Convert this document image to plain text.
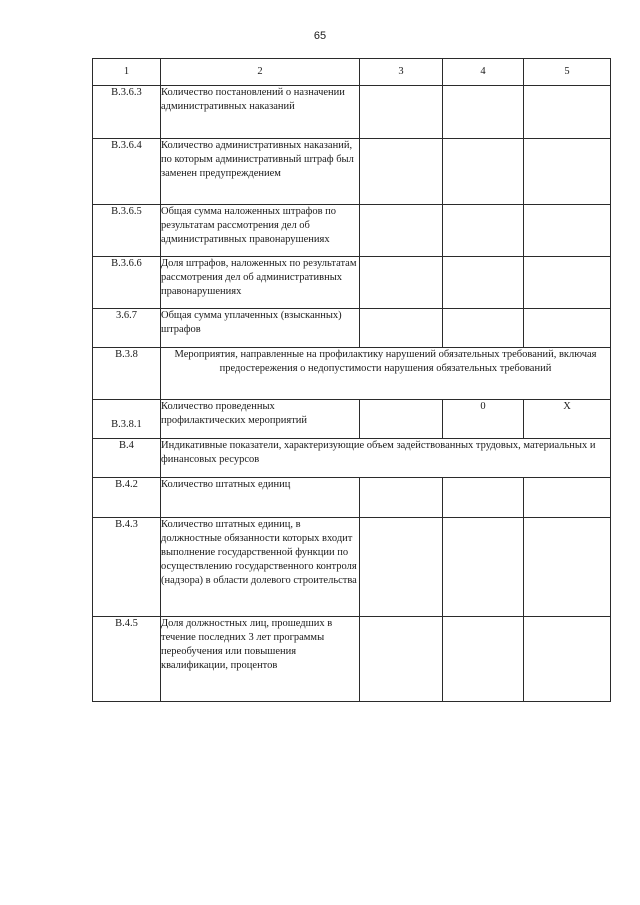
65
1	2	3	4	5
В.3.6.3	Количество постановлений о назначении административных наказаний			
В.3.6.4	Количество административных наказаний, по которым административный штраф был заменен предупреждением			
В.3.6.5	Общая сумма наложенных штрафов по результатам рассмотрения дел об административных правонарушениях			
В.3.6.6	Доля штрафов, наложенных по результатам рассмотрения дел об административных правонарушениях			
3.6.7	Общая сумма уплаченных (взысканных) штрафов			
В.3.8	Мероприятия, направленные на профилактику нарушений обязательных требований, включая предостережения о недопустимости нарушения обязательных требований			
В.3.8.1	Количество проведенных профилактических мероприятий		0	X
В.4	Индикативные показатели, характеризующие объем задействованных трудовых, материальных и финансовых ресурсов			
В.4.2	Количество штатных единиц			
В.4.3	Количество штатных единиц, в должностные обязанности которых входит выполнение государственной функции по осуществлению государственного контроля (надзора) в области долевого строительства			
В.4.5	Доля должностных лиц, прошедших в течение последних 3 лет программы переобучения или повышения квалификации, процентов			
